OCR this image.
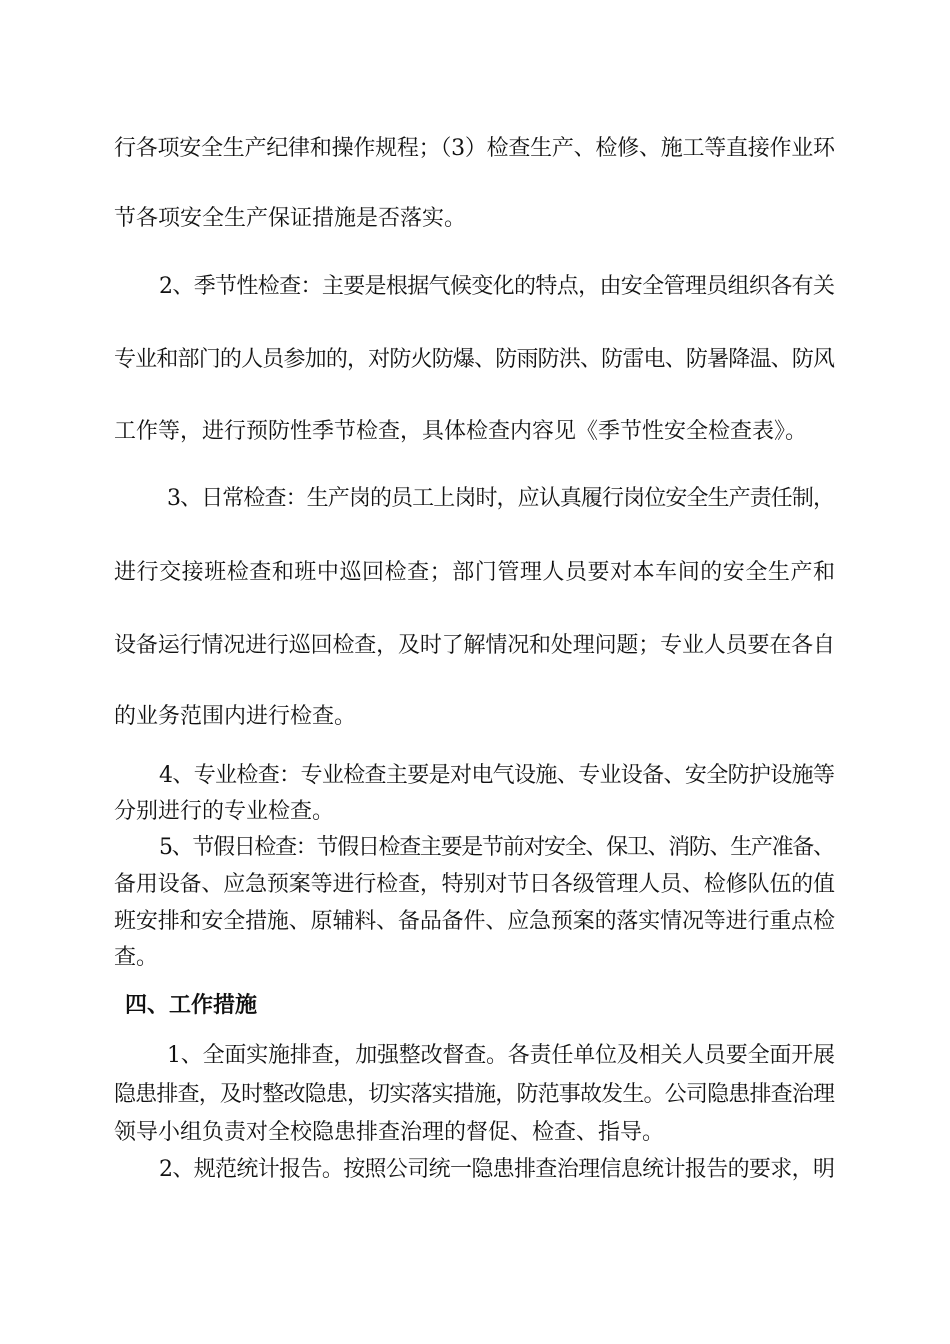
行各项安全生产纪律和操作规程；（3）检查生产、检修、施工等直接作业环
节各项安全生产保证措施是否落实。
2、季节性检查：主要是根据气候变化的特点，由安全管理员组织各有关
专业和部门的人员参加的，对防火防爆、防雨防洪、防雷电、防暑降温、防风
工作等，进行预防性季节检查，具体检查内容见《季节性安全检查表》。
3、日常检查：生产岗的员工上岗时，应认真履行岗位安全生产责任制，
进行交接班检查和班中巡回检查；部门管理人员要对本车间的安全生产和
设备运行情况进行巡回检查，及时了解情况和处理问题；专业人员要在各自
的业务范围内进行检查。
4、专业检查：专业检查主要是对电气设施、专业设备、安全防护设施等
分别进行的专业检查。
5、节假日检查：节假日检查主要是节前对安全、保卫、消防、生产准备、
备用设备、应急预案等进行检查，特别对节日各级管理人员、检修队伍的值
班安排和安全措施、原辅料、备品备件、应急预案的落实情况等进行重点检
查。
四、工作措施
1、全面实施排查，加强整改督查。各责任单位及相关人员要全面开展
隐患排查，及时整改隐患，切实落实措施，防范事故发生。公司隐患排查治理
领导小组负责对全校隐患排查治理的督促、检查、指导。
2、规范统计报告。按照公司统一隐患排查治理信息统计报告的要求，明
